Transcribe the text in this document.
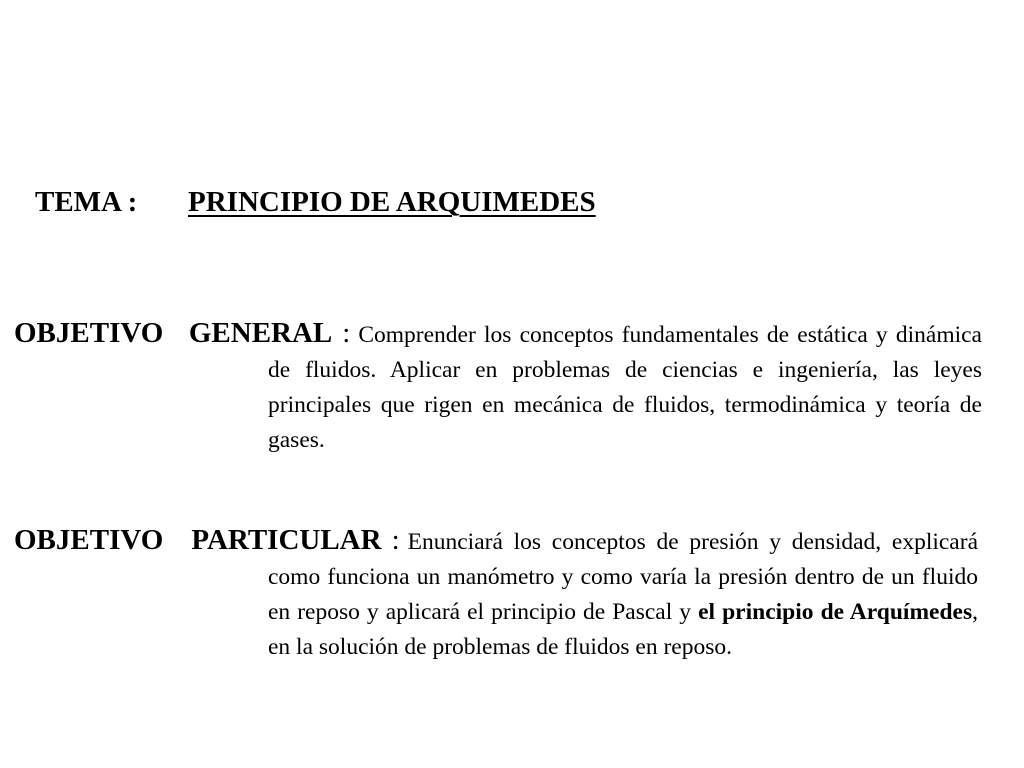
TEMA : PRINCIPIO DE ARQUIMEDES
OBJETIVO GENERAL : Comprender los conceptos fundamentales de estática y dinámica de fluidos. Aplicar en problemas de ciencias e ingeniería, las leyes principales que rigen en mecánica de fluidos, termodinámica y teoría de gases.
OBJETIVO PARTICULAR : Enunciará los conceptos de presión y densidad, explicará como funciona un manómetro y como varía la presión dentro de un fluido en reposo y aplicará el principio de Pascal y el principio de Arquímedes, en la solución de problemas de fluidos en reposo.
